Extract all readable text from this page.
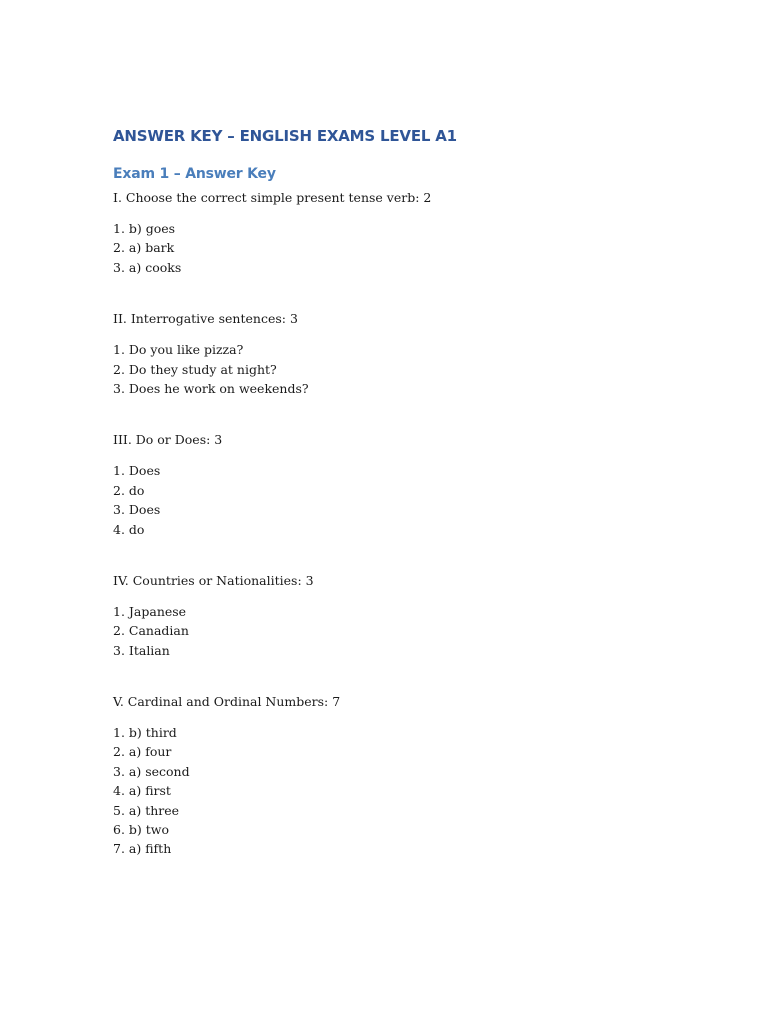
ANSWER KEY – ENGLISH EXAMS LEVEL A1
Exam 1 – Answer Key

I. Choose the correct simple present tense verb: 2

1. b) goes
2. a) bark
3. a) cooks

II. Interrogative sentences: 3

1. Do you like pizza?
2. Do they study at night?
3. Does he work on weekends?

III. Do or Does: 3

1. Does
2. do
3. Does
4. do

IV. Countries or Nationalities: 3

1. Japanese
2. Canadian
3. Italian

V. Cardinal and Ordinal Numbers: 7

1. b) third
2. a) four
3. a) second
4. a) first
5. a) three
6. b) two
7. a) fifth
